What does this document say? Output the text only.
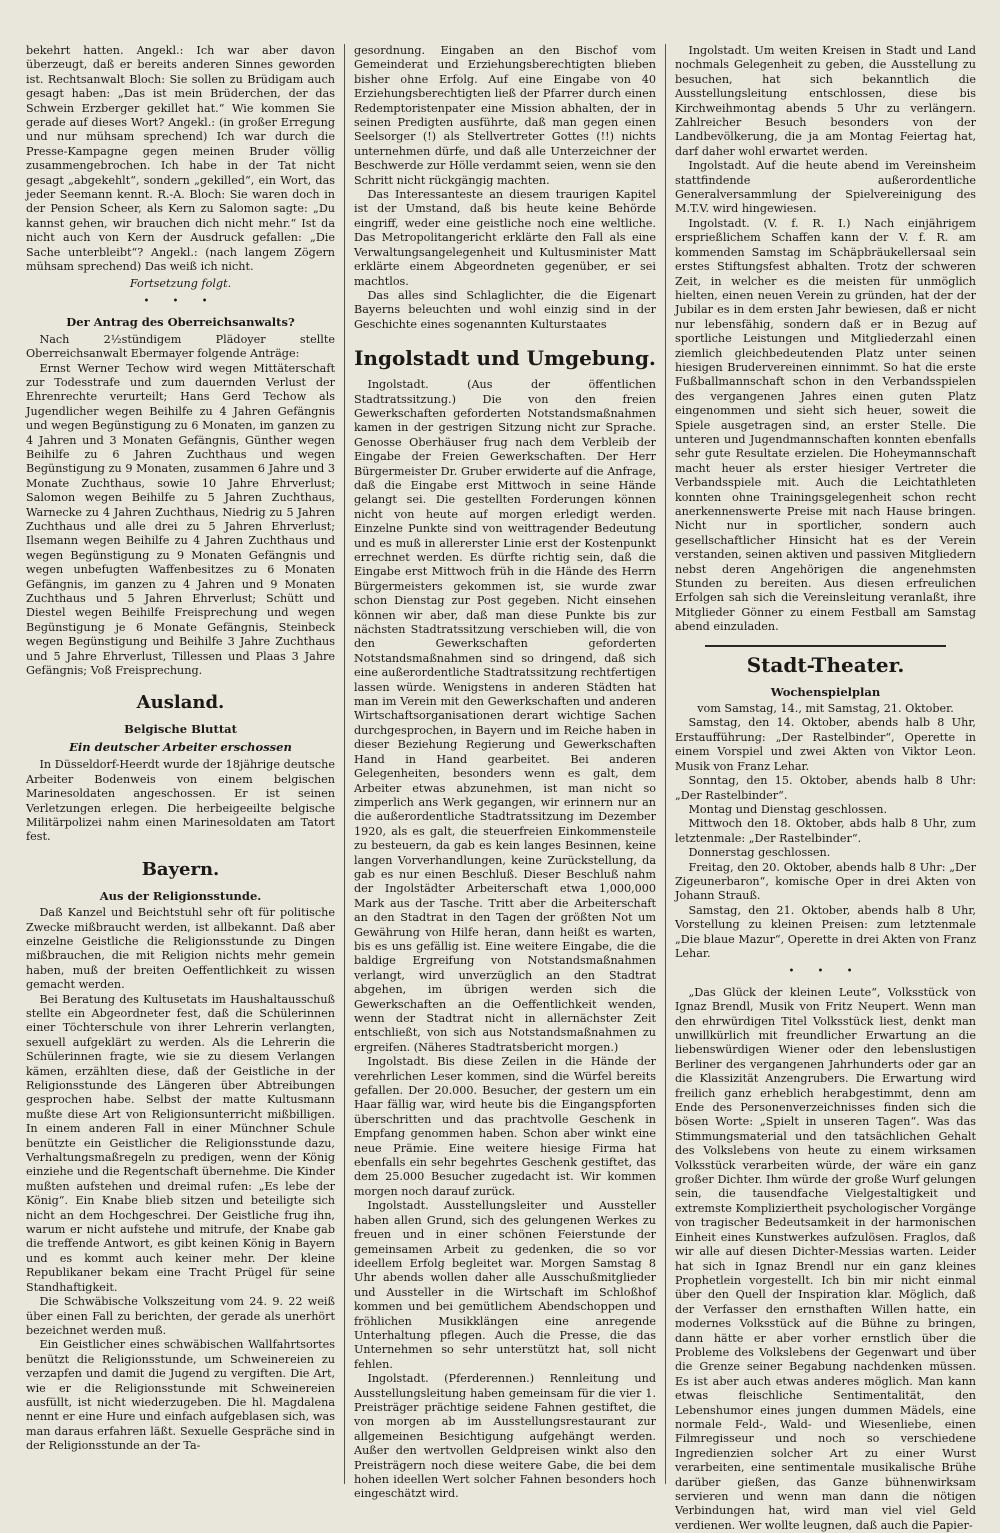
bekehrt hatten. Angekl.: Ich war aber davon überzeugt, daß er bereits anderen Sinnes geworden ist. Rechtsanwalt Bloch: Sie sollen zu Brüdigam auch gesagt haben: „Das ist mein Brüderchen, der das Schwein Erzberger gekillet hat.“ Wie kommen Sie gerade auf dieses Wort? Angekl.: (in großer Erregung und nur mühsam sprechend) Ich war durch die Presse-Kampagne gegen meinen Bruder völlig zusammengebrochen. Ich habe in der Tat nicht gesagt „abgekehlt“, sondern „gekilled“, ein Wort, das jeder Seemann kennt. R.-A. Bloch: Sie waren doch in der Pension Scheer, als Kern zu Salomon sagte: „Du kannst gehen, wir brauchen dich nicht mehr.“ Ist da nicht auch von Kern der Ausdruck gefallen: „Die Sache unterbleibt“? Angekl.: (nach langem Zögern mühsam sprechend) Das weiß ich nicht.

Fortsetzung folgt.

• • •
Der Antrag des Oberreichsanwalts?

Nach 2½stündigem Plädoyer stellte Oberreichsanwalt Ebermayer folgende Anträge:

Ernst Werner Techow wird wegen Mittäterschaft zur Todesstrafe und zum dauernden Verlust der Ehrenrechte verurteilt; Hans Gerd Techow als Jugendlicher wegen Beihilfe zu 4 Jahren Gefängnis und wegen Begünstigung zu 6 Monaten, im ganzen zu 4 Jahren und 3 Monaten Gefängnis, Günther wegen Beihilfe zu 6 Jahren Zuchthaus und wegen Begünstigung zu 9 Monaten, zusammen 6 Jahre und 3 Monate Zuchthaus, sowie 10 Jahre Ehrverlust; Salomon wegen Beihilfe zu 5 Jahren Zuchthaus, Warnecke zu 4 Jahren Zuchthaus, Niedrig zu 5 Jahren Zuchthaus und alle drei zu 5 Jahren Ehrverlust; Ilsemann wegen Beihilfe zu 4 Jahren Zuchthaus und wegen Begünstigung zu 9 Monaten Gefängnis und wegen unbefugten Waffenbesitzes zu 6 Monaten Gefängnis, im ganzen zu 4 Jahren und 9 Monaten Zuchthaus und 5 Jahren Ehrverlust; Schütt und Diestel wegen Beihilfe Freisprechung und wegen Begünstigung je 6 Monate Gefängnis, Steinbeck wegen Begünstigung und Beihilfe 3 Jahre Zuchthaus und 5 Jahre Ehrverlust, Tillessen und Plaas 3 Jahre Gefängnis; Voß Freisprechung.

Ausland.
Belgische Bluttat
Ein deutscher Arbeiter erschossen

In Düsseldorf-Heerdt wurde der 18jährige deutsche Arbeiter Bodenweis von einem belgischen Marinesoldaten angeschossen. Er ist seinen Verletzungen erlegen. Die herbeigeeilte belgische Militärpolizei nahm einen Marinesoldaten am Tatort fest.

Bayern.
Aus der Religionsstunde.

Daß Kanzel und Beichtstuhl sehr oft für politische Zwecke mißbraucht werden, ist allbekannt. Daß aber einzelne Geistliche die Religionsstunde zu Dingen mißbrauchen, die mit Religion nichts mehr gemein haben, muß der breiten Oeffentlichkeit zu wissen gemacht werden.

Bei Beratung des Kultusetats im Haushaltausschuß stellte ein Abgeordneter fest, daß die Schülerinnen einer Töchterschule von ihrer Lehrerin verlangten, sexuell aufgeklärt zu werden. Als die Lehrerin die Schülerinnen fragte, wie sie zu diesem Verlangen kämen, erzählten diese, daß der Geistliche in der Religionsstunde des Längeren über Abtreibungen gesprochen habe. Selbst der matte Kultusmann mußte diese Art von Religionsunterricht mißbilligen. In einem anderen Fall in einer Münchner Schule benützte ein Geistlicher die Religionsstunde dazu, Verhaltungsmaßregeln zu predigen, wenn der König einziehe und die Regentschaft übernehme. Die Kinder mußten aufstehen und dreimal rufen: „Es lebe der König“. Ein Knabe blieb sitzen und beteiligte sich nicht an dem Hochgeschrei. Der Geistliche frug ihn, warum er nicht aufstehe und mitrufe, der Knabe gab die treffende Antwort, es gibt keinen König in Bayern und es kommt auch keiner mehr. Der kleine Republikaner bekam eine Tracht Prügel für seine Standhaftigkeit.

Die Schwäbische Volkszeitung vom 24. 9. 22 weiß über einen Fall zu berichten, der gerade als unerhört bezeichnet werden muß.

Ein Geistlicher eines schwäbischen Wallfahrtsortes benützt die Religionsstunde, um Schweinereien zu verzapfen und damit die Jugend zu vergiften. Die Art, wie er die Religionsstunde mit Schweinereien ausfüllt, ist nicht wiederzugeben. Die hl. Magdalena nennt er eine Hure und einfach aufgeblasen sich, was man daraus erfahren läßt. Sexuelle Gespräche sind in der Religionsstunde an der Ta-

gesordnung. Eingaben an den Bischof vom Gemeinderat und Erziehungsberechtigten blieben bisher ohne Erfolg. Auf eine Eingabe von 40 Erziehungsberechtigten ließ der Pfarrer durch einen Redemptoristenpater eine Mission abhalten, der in seinen Predigten ausführte, daß man gegen einen Seelsorger (!) als Stellvertreter Gottes (!!) nichts unternehmen dürfe, und daß alle Unterzeichner der Beschwerde zur Hölle verdammt seien, wenn sie den Schritt nicht rückgängig machten.

Das Interessanteste an diesem traurigen Kapitel ist der Umstand, daß bis heute keine Behörde eingriff, weder eine geistliche noch eine weltliche. Das Metropolitangericht erklärte den Fall als eine Verwaltungsangelegenheit und Kultusminister Matt erklärte einem Abgeordneten gegenüber, er sei machtlos.

Das alles sind Schlaglichter, die die Eigenart Bayerns beleuchten und wohl einzig sind in der Geschichte eines sogenannten Kulturstaates

Ingolstadt und Umgebung.

Ingolstadt. (Aus der öffentlichen Stadtratssitzung.) Die von den freien Gewerkschaften geforderten Notstandsmaßnahmen kamen in der gestrigen Sitzung nicht zur Sprache. Genosse Oberhäuser frug nach dem Verbleib der Eingabe der Freien Gewerkschaften. Der Herr Bürgermeister Dr. Gruber erwiderte auf die Anfrage, daß die Eingabe erst Mittwoch in seine Hände gelangt sei. Die gestellten Forderungen können nicht von heute auf morgen erledigt werden. Einzelne Punkte sind von weittragender Bedeutung und es muß in allererster Linie erst der Kostenpunkt errechnet werden. Es dürfte richtig sein, daß die Eingabe erst Mittwoch früh in die Hände des Herrn Bürgermeisters gekommen ist, sie wurde zwar schon Dienstag zur Post gegeben. Nicht einsehen können wir aber, daß man diese Punkte bis zur nächsten Stadtratssitzung verschieben will, die von den Gewerkschaften geforderten Notstandsmaßnahmen sind so dringend, daß sich eine außerordentliche Stadtratssitzung rechtfertigen lassen würde. Wenigstens in anderen Städten hat man im Verein mit den Gewerkschaften und anderen Wirtschaftsorganisationen derart wichtige Sachen durchgesprochen, in Bayern und im Reiche haben in dieser Beziehung Regierung und Gewerkschaften Hand in Hand gearbeitet. Bei anderen Gelegenheiten, besonders wenn es galt, dem Arbeiter etwas abzunehmen, ist man nicht so zimperlich ans Werk gegangen, wir erinnern nur an die außerordentliche Stadtratssitzung im Dezember 1920, als es galt, die steuerfreien Einkommensteile zu besteuern, da gab es kein langes Besinnen, keine langen Vorverhandlungen, keine Zurückstellung, da gab es nur einen Beschluß. Dieser Beschluß nahm der Ingolstädter Arbeiterschaft etwa 1,000,000 Mark aus der Tasche. Tritt aber die Arbeiterschaft an den Stadtrat in den Tagen der größten Not um Gewährung von Hilfe heran, dann heißt es warten, bis es uns gefällig ist. Eine weitere Eingabe, die die baldige Ergreifung von Notstandsmaßnahmen verlangt, wird unverzüglich an den Stadtrat abgehen, im übrigen werden sich die Gewerkschaften an die Oeffentlichkeit wenden, wenn der Stadtrat nicht in allernächster Zeit entschließt, von sich aus Notstandsmaßnahmen zu ergreifen. (Näheres Stadtratsbericht morgen.)

Ingolstadt. Bis diese Zeilen in die Hände der verehrlichen Leser kommen, sind die Würfel bereits gefallen. Der 20.000. Besucher, der gestern um ein Haar fällig war, wird heute bis die Eingangspforten überschritten und das prachtvolle Geschenk in Empfang genommen haben. Schon aber winkt eine neue Prämie. Eine weitere hiesige Firma hat ebenfalls ein sehr begehrtes Geschenk gestiftet, das dem 25.000 Besucher zugedacht ist. Wir kommen morgen noch darauf zurück.

Ingolstadt. Ausstellungsleiter und Aussteller haben allen Grund, sich des gelungenen Werkes zu freuen und in einer schönen Feierstunde der gemeinsamen Arbeit zu gedenken, die so vor ideellem Erfolg begleitet war. Morgen Samstag 8 Uhr abends wollen daher alle Ausschußmitglieder und Aussteller in die Wirtschaft im Schloßhof kommen und bei gemütlichem Abendschoppen und fröhlichen Musikklängen eine anregende Unterhaltung pflegen. Auch die Presse, die das Unternehmen so sehr unterstützt hat, soll nicht fehlen.

Ingolstadt. (Pferderennen.) Rennleitung und Ausstellungsleitung haben gemeinsam für die vier 1. Preisträger prächtige seidene Fahnen gestiftet, die von morgen ab im Ausstellungsrestaurant zur allgemeinen Besichtigung aufgehängt werden. Außer den wertvollen Geldpreisen winkt also den Preisträgern noch diese weitere Gabe, die bei dem hohen ideellen Wert solcher Fahnen besonders hoch eingeschätzt wird.

Ingolstadt. Um weiten Kreisen in Stadt und Land nochmals Gelegenheit zu geben, die Ausstellung zu besuchen, hat sich bekanntlich die Ausstellungsleitung entschlossen, diese bis Kirchweihmontag abends 5 Uhr zu verlängern. Zahlreicher Besuch besonders von der Landbevölkerung, die ja am Montag Feiertag hat, darf daher wohl erwartet werden.

Ingolstadt. Auf die heute abend im Vereinsheim stattfindende außerordentliche Generalversammlung der Spielvereinigung des M.T.V. wird hingewiesen.

Ingolstadt. (V. f. R. I.) Nach einjährigem ersprießlichem Schaffen kann der V. f. R. am kommenden Samstag im Schäpbräukellersaal sein erstes Stiftungsfest abhalten. Trotz der schweren Zeit, in welcher es die meisten für unmöglich hielten, einen neuen Verein zu gründen, hat der der Jubilar es in dem ersten Jahr bewiesen, daß er nicht nur lebensfähig, sondern daß er in Bezug auf sportliche Leistungen und Mitgliederzahl einen ziemlich gleichbedeutenden Platz unter seinen hiesigen Brudervereinen einnimmt. So hat die erste Fußballmannschaft schon in den Verbandsspielen des vergangenen Jahres einen guten Platz eingenommen und sieht sich heuer, soweit die Spiele ausgetragen sind, an erster Stelle. Die unteren und Jugendmannschaften konnten ebenfalls sehr gute Resultate erzielen. Die Hoheymannschaft macht heuer als erster hiesiger Vertreter die Verbandsspiele mit. Auch die Leichtathleten konnten ohne Trainingsgelegenheit schon recht anerkennenswerte Preise mit nach Hause bringen. Nicht nur in sportlicher, sondern auch gesellschaftlicher Hinsicht hat es der Verein verstanden, seinen aktiven und passiven Mitgliedern nebst deren Angehörigen die angenehmsten Stunden zu bereiten. Aus diesen erfreulichen Erfolgen sah sich die Vereinsleitung veranlaßt, ihre Mitglieder Gönner zu einem Festball am Samstag abend einzuladen.

Stadt-Theater.
Wochenspielplan

vom Samstag, 14., mit Samstag, 21. Oktober.

Samstag, den 14. Oktober, abends halb 8 Uhr, Erstaufführung: „Der Rastelbinder“, Operette in einem Vorspiel und zwei Akten von Viktor Leon. Musik von Franz Lehar.

Sonntag, den 15. Oktober, abends halb 8 Uhr: „Der Rastelbinder“.

Montag und Dienstag geschlossen.

Mittwoch den 18. Oktober, abds halb 8 Uhr, zum letztenmale: „Der Rastelbinder“.

Donnerstag geschlossen.

Freitag, den 20. Oktober, abends halb 8 Uhr: „Der Zigeunerbaron“, komische Oper in drei Akten von Johann Strauß.

Samstag, den 21. Oktober, abends halb 8 Uhr, Vorstellung zu kleinen Preisen: zum letztenmale „Die blaue Mazur“, Operette in drei Akten von Franz Lehar.

• • •

„Das Glück der kleinen Leute“, Volksstück von Ignaz Brendl, Musik von Fritz Neupert. Wenn man den ehrwürdigen Titel Volksstück liest, denkt man unwillkürlich mit freundlicher Erwartung an die liebenswürdigen Wiener oder den lebenslustigen Berliner des vergangenen Jahrhunderts oder gar an die Klassizität Anzengrubers. Die Erwartung wird freilich ganz erheblich herabgestimmt, denn am Ende des Personenverzeichnisses finden sich die bösen Worte: „Spielt in unseren Tagen“. Was das Stimmungsmaterial und den tatsächlichen Gehalt des Volkslebens von heute zu einem wirksamen Volksstück verarbeiten würde, der wäre ein ganz großer Dichter. Ihm würde der große Wurf gelungen sein, die tausendfache Vielgestaltigkeit und extremste Kompliziertheit psychologischer Vorgänge von tragischer Bedeutsamkeit in der harmonischen Einheit eines Kunstwerkes aufzulösen. Fraglos, daß wir alle auf diesen Dichter-Messias warten. Leider hat sich in Ignaz Brendl nur ein ganz kleines Prophetlein vorgestellt. Ich bin mir nicht einmal über den Quell der Inspiration klar. Möglich, daß der Verfasser den ernsthaften Willen hatte, ein modernes Volksstück auf die Bühne zu bringen, dann hätte er aber vorher ernstlich über die Probleme des Volkslebens der Gegenwart und über die Grenze seiner Begabung nachdenken müssen. Es ist aber auch etwas anderes möglich. Man kann etwas fleischliche Sentimentalität, den Lebenshumor eines jungen dummen Mädels, eine normale Feld-, Wald- und Wiesenliebe, einen Filmregisseur und noch so verschiedene Ingredienzien solcher Art zu einer Wurst verarbeiten, eine sentimentale musikalische Brühe darüber gießen, das Ganze bühnenwirksam servieren und wenn man dann die nötigen Verbindungen hat, wird man viel viel Geld verdienen. Wer wollte leugnen, daß auch die Papier-
